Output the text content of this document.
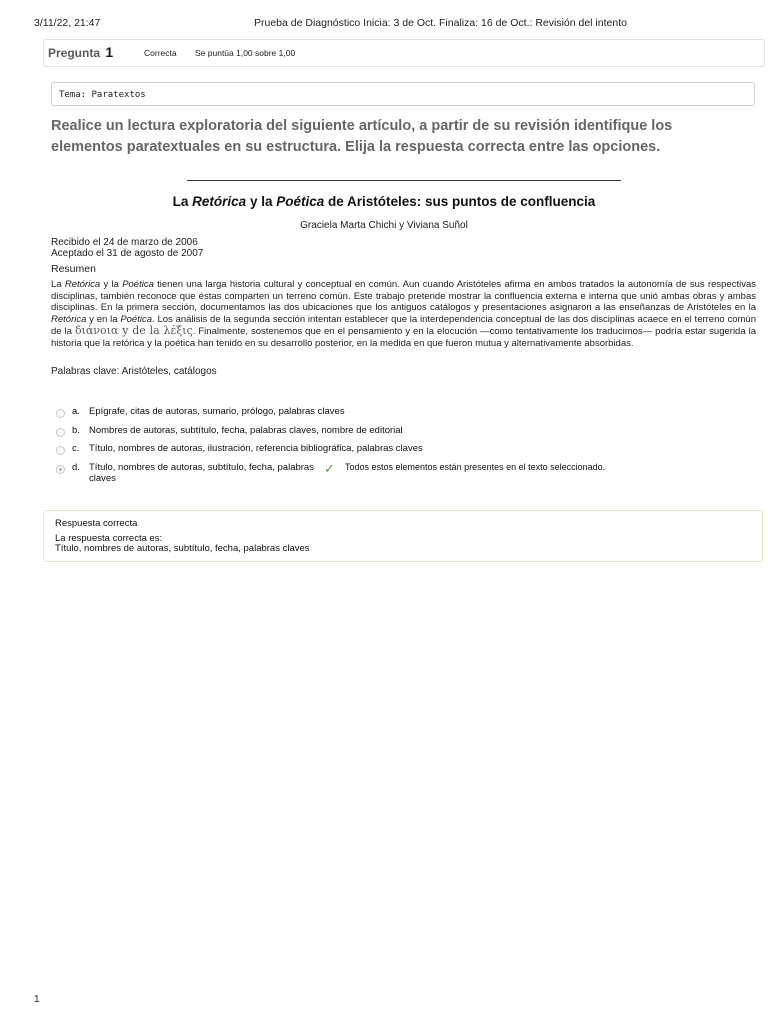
3/11/22, 21:47	Prueba de Diagnóstico Inicia: 3 de Oct. Finaliza: 16 de Oct.: Revisión del intento
Pregunta 1	Correcta Se puntúa 1,00 sobre 1,00
Tema: Paratextos

Realice un lectura exploratoria del siguiente artículo, a partir de su revisión identifique los elementos paratextuales en su estructura. Elija la respuesta correcta entre las opciones.

La Retórica y la Poética de Aristóteles: sus puntos de confluencia
Graciela Marta Chichi y Viviana Suñol
Recibido el 24 de marzo de 2006
Aceptado el 31 de agosto de 2007
Resumen

La Retórica y la Poética tienen una larga historia cultural y conceptual en común. Aun cuando Aristóteles afirma en ambos tratados la autonomía de sus respectivas disciplinas, también reconoce que éstas comparten un terreno común. Este trabajo pretende mostrar la confluencia externa e interna que unió ambas obras y ambas disciplinas. En la primera sección, documentamos las dos ubicaciones que los antiguos catálogos y presentaciones asignaron a las enseñanzas de Aristóteles en la Retórica y en la Poética. Los análisis de la segunda sección intentan establecer que la interdependencia conceptual de las dos disciplinas acaece en el terreno común de la διάνοια y de la λέξις. Finalmente, sostenemos que en el pensamiento y en la elocución —como tentativamente los traducimos— podría estar sugerida la historia que la retórica y la poética han tenido en su desarrollo posterior, en la medida en que fueron mutua y alternativamente absorbidas.

Palabras clave: Aristóteles, catálogos
a. Epígrafe, citas de autoras, sumario, prólogo, palabras claves
b. Nombres de autoras, subtítulo, fecha, palabras claves, nombre de editorial
c. Título, nombres de autoras, ilustración, referencia bibliográfica, palabras claves
d. Título, nombres de autoras, subtítulo, fecha, palabras claves
✓ Todos estos elementos están presentes en el texto seleccionado.
Respuesta correcta
La respuesta correcta es:
Título, nombres de autoras, subtítulo, fecha, palabras claves
1
